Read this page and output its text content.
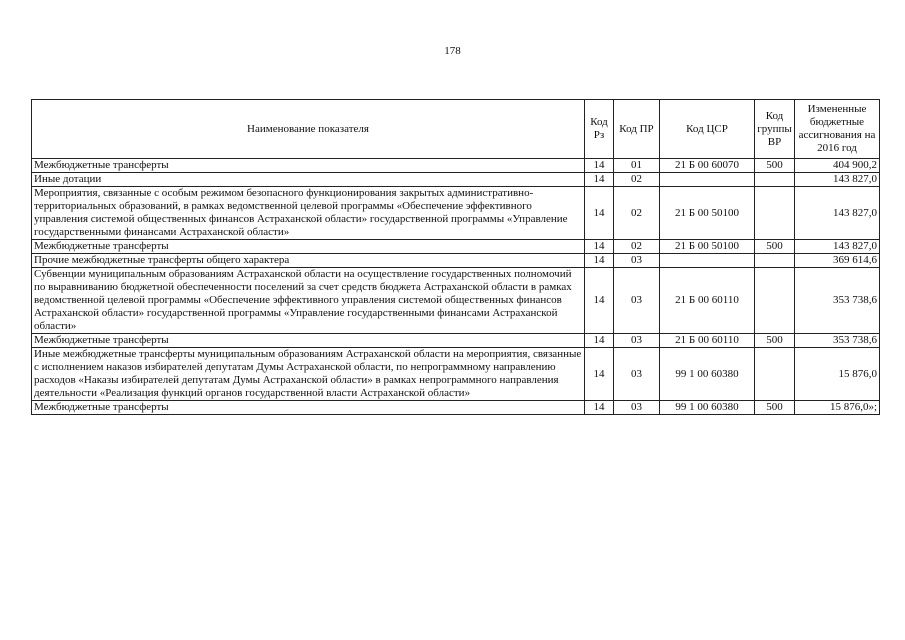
178
Наименование показателя	Код Рз	Код ПР	Код ЦСР	Код группы ВР	Измененные бюджетные ассигнования на 2016 год
Межбюджетные трансферты	14	01	21 Б 00 60070	500	404 900,2
Иные дотации	14	02			143 827,0
Мероприятия, связанные с особым режимом безопасного функционирования закрытых административно-территориальных образований, в рамках ведомственной целевой программы «Обеспечение эффективного управления системой общественных финансов Астраханской области» государственной программы «Управление государственными финансами Астраханской области»	14	02	21 Б 00 50100		143 827,0
Межбюджетные трансферты	14	02	21 Б 00 50100	500	143 827,0
Прочие межбюджетные трансферты общего характера	14	03			369 614,6
Субвенции муниципальным образованиям Астраханской области на осуществление государственных полномочий по выравниванию бюджетной обеспеченности поселений за счет средств бюджета Астраханской области в рамках ведомственной целевой программы «Обеспечение эффективного управления системой общественных финансов Астраханской области» государственной программы «Управление государственными финансами Астраханской области»	14	03	21 Б 00 60110		353 738,6
Межбюджетные трансферты	14	03	21 Б 00 60110	500	353 738,6
Иные межбюджетные трансферты муниципальным образованиям Астраханской области на мероприятия, связанные с исполнением наказов избирателей депутатам Думы Астраханской области, по непрограммному направлению расходов «Наказы избирателей депутатам Думы Астраханской области» в рамках непрограммного направления деятельности «Реализация функций органов государственной власти Астраханской области»	14	03	99 1 00 60380		15 876,0
Межбюджетные трансферты	14	03	99 1 00 60380	500	15 876,0»;
